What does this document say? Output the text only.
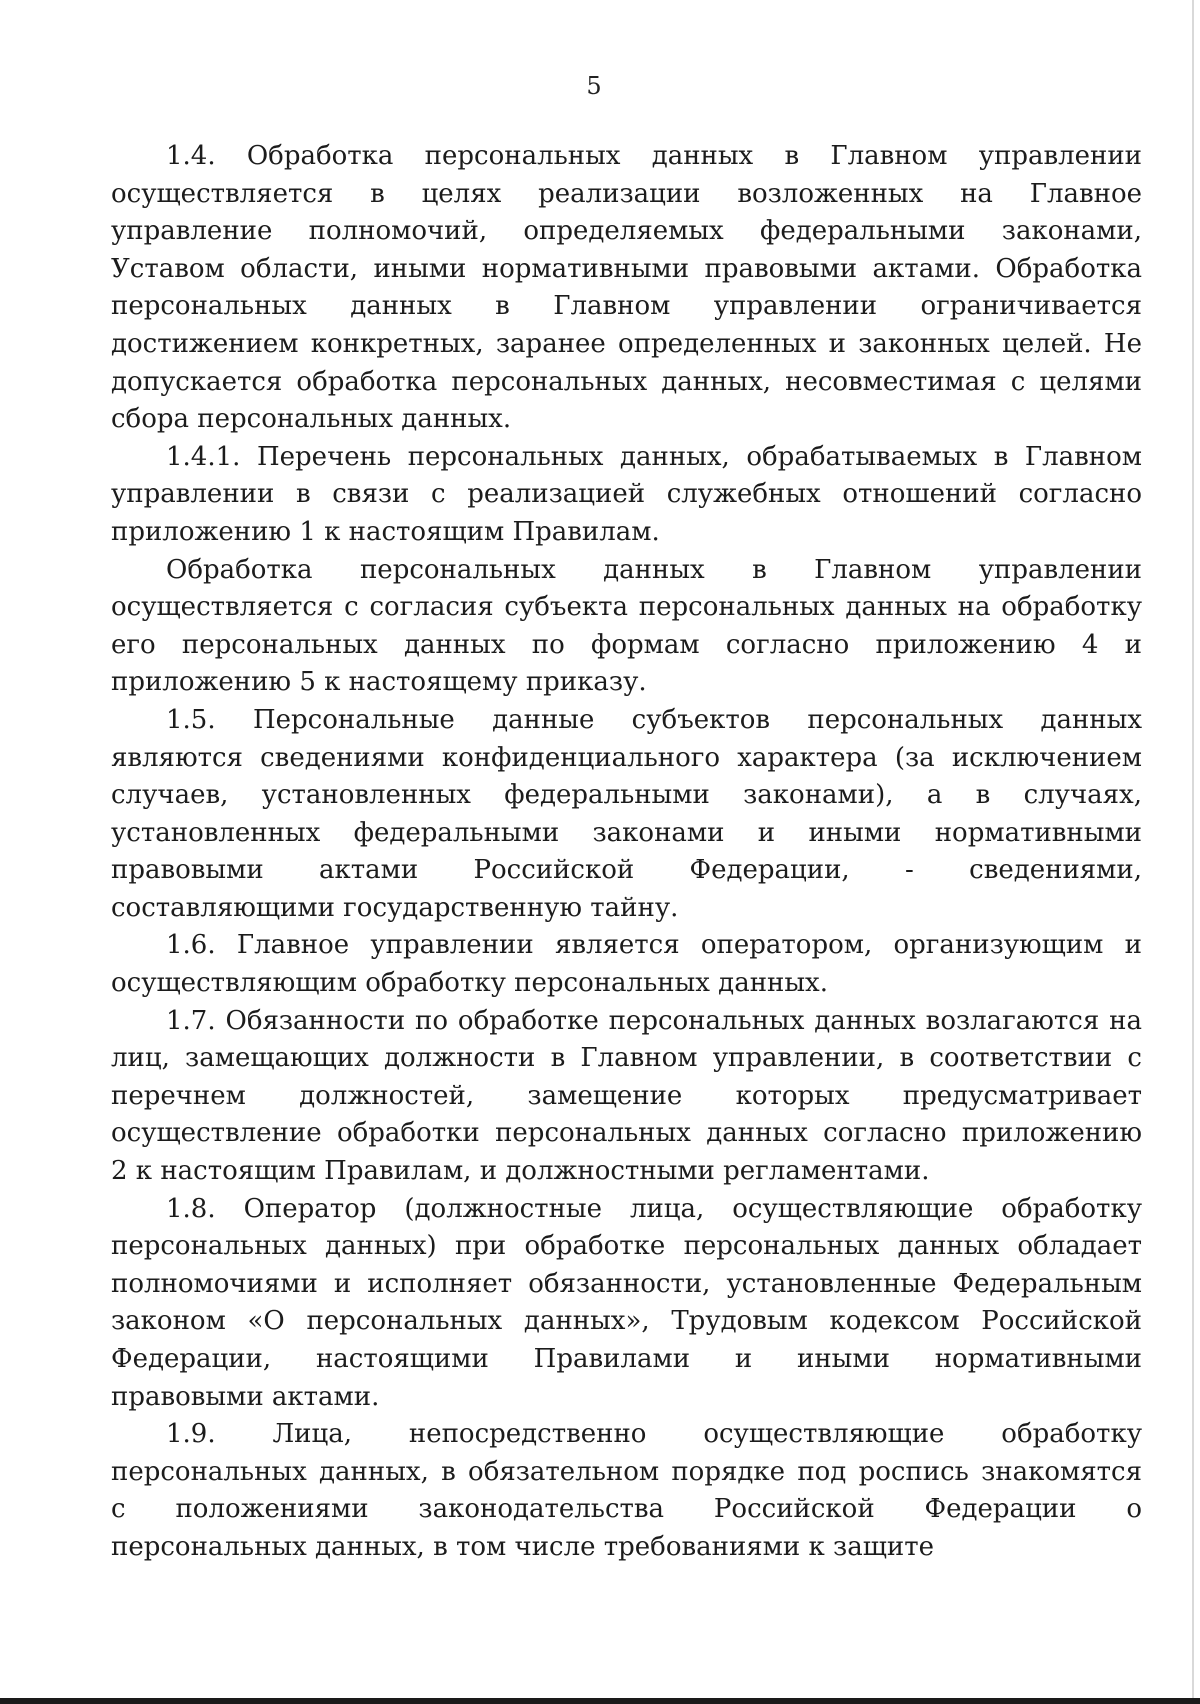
5
1.4. Обработка персональных данных в Главном управлении
осуществляется в целях реализации возложенных на Главное
управление полномочий, определяемых федеральными законами,
Уставом области, иными нормативными правовыми актами. Обработка
персональных данных в Главном управлении ограничивается
достижением конкретных, заранее определенных и законных целей. Не
допускается обработка персональных данных, несовместимая с целями
сбора персональных данных.
1.4.1. Перечень персональных данных, обрабатываемых в Главном
управлении в связи с реализацией служебных отношений согласно
приложению 1 к настоящим Правилам.
Обработка персональных данных в Главном управлении
осуществляется с согласия субъекта персональных данных на обработку
его персональных данных по формам согласно приложению 4 и
приложению 5 к настоящему приказу.
1.5. Персональные данные субъектов персональных данных
являются сведениями конфиденциального характера (за исключением
случаев, установленных федеральными законами), а в случаях,
установленных федеральными законами и иными нормативными
правовыми актами Российской Федерации, - сведениями,
составляющими государственную тайну.
1.6. Главное управлении является оператором, организующим и
осуществляющим обработку персональных данных.
1.7. Обязанности по обработке персональных данных возлагаются на
лиц, замещающих должности в Главном управлении, в соответствии с
перечнем должностей, замещение которых предусматривает
осуществление обработки персональных данных согласно приложению
2 к настоящим Правилам, и должностными регламентами.
1.8. Оператор (должностные лица, осуществляющие обработку
персональных данных) при обработке персональных данных обладает
полномочиями и исполняет обязанности, установленные Федеральным
законом «О персональных данных», Трудовым кодексом Российской
Федерации, настоящими Правилами и иными нормативными
правовыми актами.
1.9. Лица, непосредственно осуществляющие обработку
персональных данных, в обязательном порядке под роспись знакомятся
с положениями законодательства Российской Федерации о
персональных данных, в том числе требованиями к защите
